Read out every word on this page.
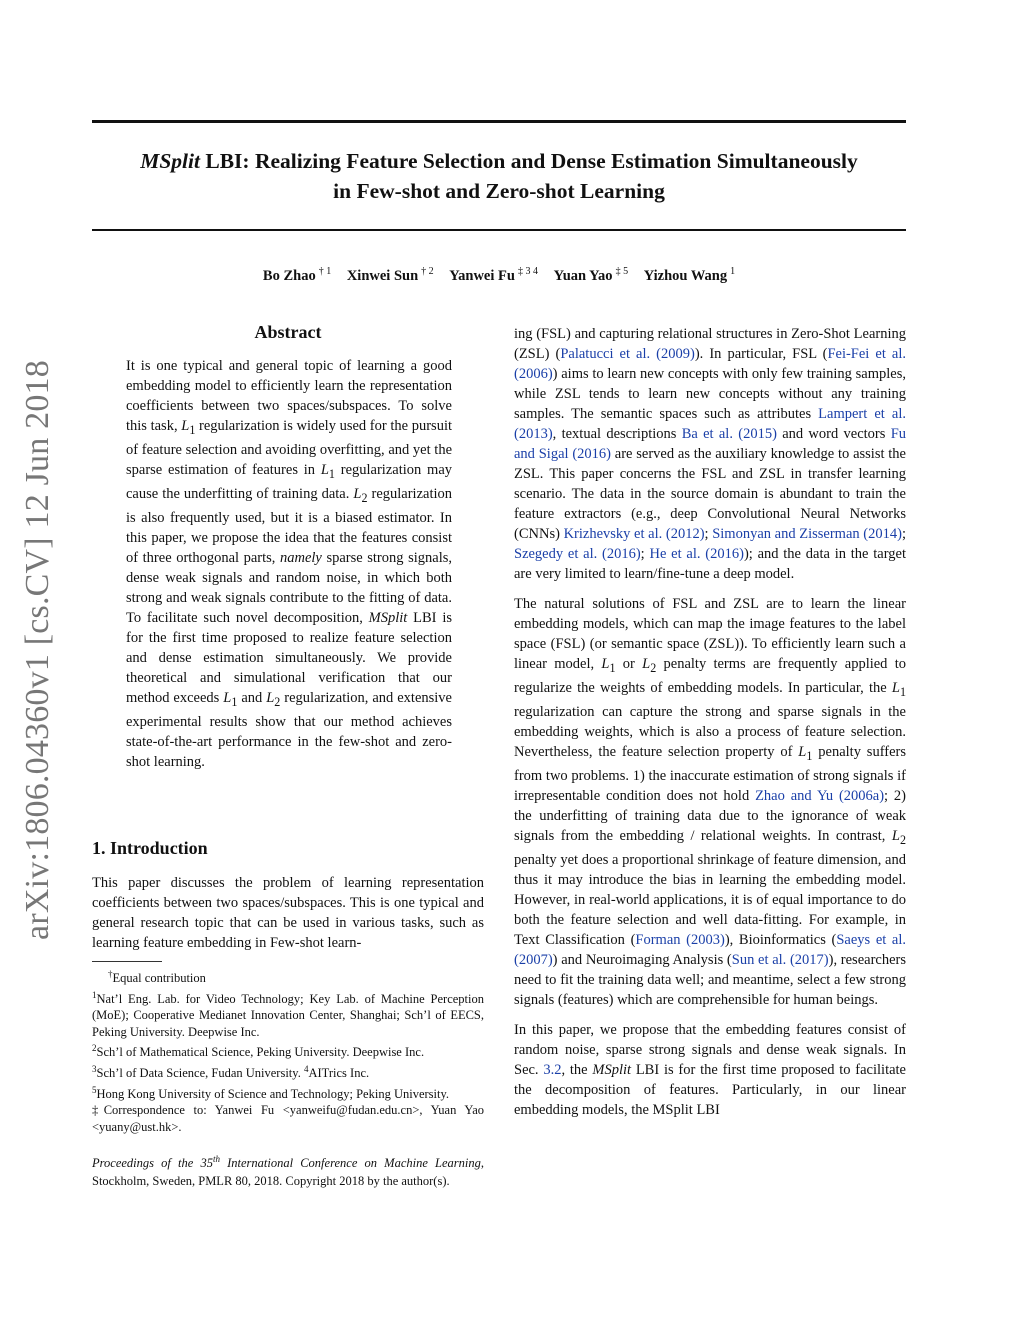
MSplit LBI: Realizing Feature Selection and Dense Estimation Simultaneously
in Few-shot and Zero-shot Learning
Bo Zhao $^{\dagger 1}$ Xinwei Sun $^{\dagger 2}$ Yanwei Fu $^{\ddagger 3 4}$ Yuan Yao $^{\ddagger 5}$ Yizhou Wang $^1$
arXiv:1806.04360v1 [cs.CV] 12 Jun 2018
Abstract

It is one typical and general topic of learning a good embedding model to efficiently learn the representation coefficients between two spaces/subspaces. To solve this task, $L_1$ regularization is widely used for the pursuit of feature selection and avoiding overfitting, and yet the sparse estimation of features in $L_1$ regularization may cause the underfitting of training data. $L_2$ regularization is also frequently used, but it is a biased estimator. In this paper, we propose the idea that the features consist of three orthogonal parts, namely sparse strong signals, dense weak signals and random noise, in which both strong and weak signals contribute to the fitting of data. To facilitate such novel decomposition, MSplit LBI is for the first time proposed to realize feature selection and dense estimation simultaneously. We provide theoretical and simulational verification that our method exceeds $L_1$ and $L_2$ regularization, and extensive experimental results show that our method achieves state-of-the-art performance in the few-shot and zero-shot learning.

1. Introduction

This paper discusses the problem of learning representation coefficients between two spaces/subspaces. This is one typical and general research topic that can be used in various tasks, such as learning feature embedding in Few-shot learn-

†Equal contribution
$^1$Nat’l Eng. Lab. for Video Technology; Key Lab. of Machine Perception (MoE); Cooperative Medianet Innovation Center, Shanghai; Sch’l of EECS, Peking University. Deepwise Inc.
$^2$Sch’l of Mathematical Science, Peking University. Deepwise Inc.
$^3$Sch’l of Data Science, Fudan University. $^4$AITrics Inc.
$^5$Hong Kong University of Science and Technology; Peking University.
‡Correspondence to: Yanwei Fu <yanweifu@fudan.edu.cn>, Yuan Yao <yuany@ust.hk>.
Proceedings of the 35th International Conference on Machine Learning, Stockholm, Sweden, PMLR 80, 2018. Copyright 2018 by the author(s).

ing (FSL) and capturing relational structures in Zero-Shot Learning (ZSL) (Palatucci et al. (2009)). In particular, FSL (Fei-Fei et al. (2006)) aims to learn new concepts with only few training samples, while ZSL tends to learn new concepts without any training samples. The semantic spaces such as attributes Lampert et al. (2013), textual descriptions Ba et al. (2015) and word vectors Fu and Sigal (2016) are served as the auxiliary knowledge to assist the ZSL. This paper concerns the FSL and ZSL in transfer learning scenario. The data in the source domain is abundant to train the feature extractors (e.g., deep Convolutional Neural Networks (CNNs) Krizhevsky et al. (2012); Simonyan and Zisserman (2014); Szegedy et al. (2016); He et al. (2016)); and the data in the target are very limited to learn/fine-tune a deep model.

The natural solutions of FSL and ZSL are to learn the linear embedding models, which can map the image features to the label space (FSL) (or semantic space (ZSL)). To efficiently learn such a linear model, $L_1$ or $L_2$ penalty terms are frequently applied to regularize the weights of embedding models. In particular, the $L_1$ regularization can capture the strong and sparse signals in the embedding weights, which is also a process of feature selection. Nevertheless, the feature selection property of $L_1$ penalty suffers from two problems. 1) the inaccurate estimation of strong signals if irrepresentable condition does not hold Zhao and Yu (2006a); 2) the underfitting of training data due to the ignorance of weak signals from the embedding / relational weights. In contrast, $L_2$ penalty yet does a proportional shrinkage of feature dimension, and thus it may introduce the bias in learning the embedding model. However, in real-world applications, it is of equal importance to do both the feature selection and well data-fitting. For example, in Text Classification (Forman (2003)), Bioinformatics (Saeys et al. (2007)) and Neuroimaging Analysis (Sun et al. (2017)), researchers need to fit the training data well; and meantime, select a few strong signals (features) which are comprehensible for human beings.

In this paper, we propose that the embedding features consist of random noise, sparse strong signals and dense weak signals. In Sec. 3.2, the MSplit LBI is for the first time proposed to facilitate the decomposition of features. Particularly, in our linear embedding models, the MSplit LBI
